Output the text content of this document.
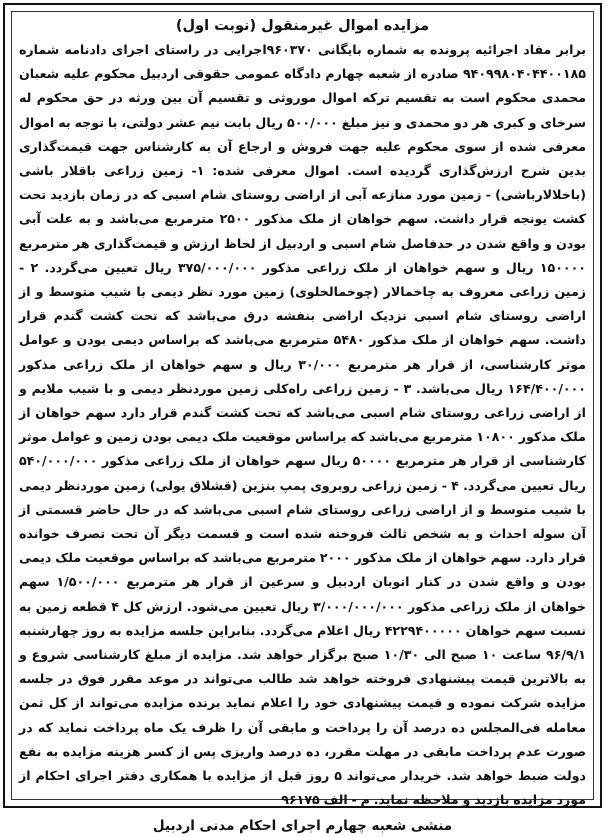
مزایده اموال غیرمنقول (نوبت اول)

برابر مفاد اجرائیه پرونده به شماره بایگانی ۹۶۰۳۷۰اجرایی در راستای اجرای دادنامه شماره ۹۴۰۹۹۸۰۴۰۴۴۰۰۱۸۵ صادره از شعبه چهارم دادگاه عمومی حقوقی اردبیل محکوم علیه شعبان محمدی محکوم است به تقسیم ترکه اموال موروثی و تقسیم آن بین ورثه در حق محکوم له سرخای و کبری هر دو محمدی و نیز مبلغ ۵۰۰/۰۰۰ ریال بابت نیم عشر دولتی، با توجه به اموال معرفی شده از سوی محکوم علیه جهت فروش و ارجاع آن به کارشناس جهت قیمت‌گذاری بدین شرح ارزش‌گذاری گردیده است. اموال معرفی شده: ۱- زمین زراعی باقلار باشی (باخلالارباشی) - زمین مورد منازعه آبی از اراضی روستای شام اسبی که در زمان بازدید تحت کشت یونجه قرار داشت. سهم خواهان از ملک مذکور ۲۵۰۰ مترمربع می‌باشد و به علت آبی بودن و واقع شدن در حدفاصل شام اسبی و اردبیل از لحاظ ارزش و قیمت‌گذاری هر مترمربع ۱۵۰۰۰۰ ریال و سهم خواهان از ملک زراعی مذکور ۳۷۵/۰۰۰/۰۰۰ ریال تعیین می‌گردد. ۲ - زمین زراعی معروف به چاخمالار (چوخمالخلوی) زمین مورد نظر دیمی با شیب متوسط و از اراضی روستای شام اسبی نزدیک اراضی بنفشه درق می‌باشد که تحت کشت گندم قرار داشت. سهم خواهان از ملک مذکور ۵۴۸۰ مترمربع می‌باشد که براساس دیمی بودن و عوامل موثر کارشناسی، از قرار هر مترمربع ۳۰/۰۰۰ ریال و سهم خواهان از ملک زراعی مذکور ۱۶۴/۴۰۰/۰۰۰ ریال می‌باشد. ۳ - زمین زراعی راه‌کلی زمین موردنظر دیمی و با شیب ملایم و از اراضی زراعی روستای شام اسبی می‌باشد که تحت کشت گندم قرار دارد سهم خواهان از ملک مذکور ۱۰۸۰۰ مترمربع می‌باشد که براساس موقعیت ملک دیمی بودن زمین و عوامل موثر کارشناسی از قرار هر مترمربع ۵۰۰۰۰ ریال سهم خواهان از ملک زراعی مذکور ۵۴۰/۰۰۰/۰۰۰ ریال تعیین می‌گردد. ۴ - زمین زراعی روبروی پمپ بنزین (قشلاق یولی) زمین موردنظر دیمی با شیب متوسط و از اراضی زراعی روستای شام اسبی می‌باشد که در حال حاضر قسمتی از آن سوله احداث و به شخص ثالث فروخته شده است و قسمت دیگر آن تحت تصرف خوانده قرار دارد. سهم خواهان از ملک مذکور ۲۰۰۰ مترمربع می‌باشد که براساس موقعیت ملک دیمی بودن و واقع شدن در کنار اتوبان اردبیل و سرعین از قرار هر مترمربع ۱/۵۰۰/۰۰۰ سهم خواهان از ملک زراعی مذکور ۳/۰۰۰/۰۰۰/۰۰۰ ریال تعیین می‌شود. ارزش کل ۴ قطعه زمین به نسبت سهم خواهان ۴۲۲۹۴۰۰۰۰۰ ریال اعلام می‌گردد. بنابراین جلسه مزایده به روز چهارشنبه ۹۶/۹/۱ ساعت ۱۰ صبح الی ۱۰/۳۰ صبح برگزار خواهد شد. مزایده از مبلغ کارشناسی شروع و به بالاترین قیمت پیشنهادی فروخته خواهد شد طالب می‌تواند در موعد مقرر فوق در جلسه مزایده شرکت نموده و قیمت پیشنهادی خود را اعلام نماید برنده مزایده می‌تواند از کل ثمن معامله فی‌المجلس ده درصد آن را پرداخت و مابقی آن را ظرف یک ماه پرداخت نماید که در صورت عدم پرداخت مابقی در مهلت مقرر، ده درصد واریزی پس از کسر هزینه مزایده به نفع دولت ضبط خواهد شد. خریدار می‌تواند ۵ روز قبل از مزایده با همکاری دفتر اجرای احکام از مورد مزایده بازدید و ملاحظه نماید. م - الف ۹۶۱۷۵

منشی شعبه چهارم اجرای احکام مدنی اردبیل
